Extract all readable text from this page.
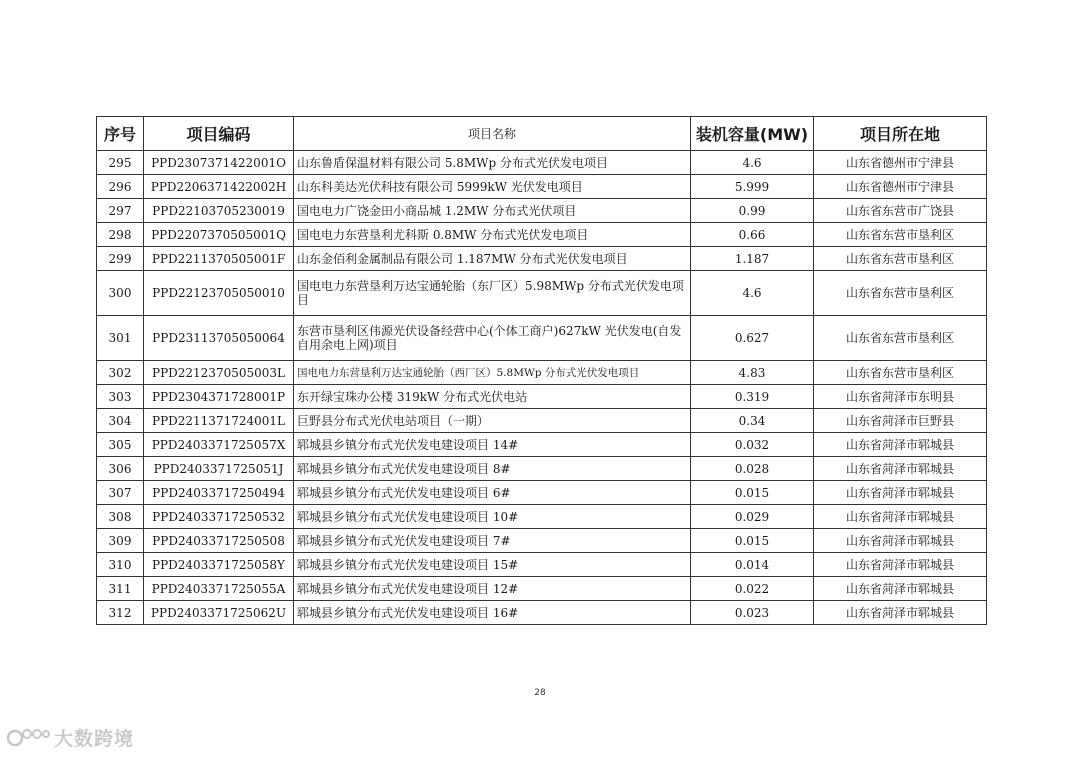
序号	项目编码	项目名称	装机容量(MW)	项目所在地
295	PPD2307371422001O	山东鲁盾保温材料有限公司 5.8MWp 分布式光伏发电项目	4.6	山东省德州市宁津县
296	PPD2206371422002H	山东科美达光伏科技有限公司 5999kW 光伏发电项目	5.999	山东省德州市宁津县
297	PPD22103705230019	国电电力广饶金田小商品城 1.2MW 分布式光伏项目	0.99	山东省东营市广饶县
298	PPD2207370505001Q	国电电力东营垦利尤科斯 0.8MW 分布式光伏发电项目	0.66	山东省东营市垦利区
299	PPD2211370505001F	山东金佰利金属制品有限公司 1.187MW 分布式光伏发电项目	1.187	山东省东营市垦利区
300	PPD22123705050010	国电电力东营垦利万达宝通轮胎（东厂区）5.98MWp 分布式光伏发电项目	4.6	山东省东营市垦利区
301	PPD23113705050064	东营市垦利区伟源光伏设备经营中心(个体工商户)627kW 光伏发电(自发自用余电上网)项目	0.627	山东省东营市垦利区
302	PPD2212370505003L	国电电力东营垦利万达宝通轮胎（西厂区）5.8MWp 分布式光伏发电项目	4.83	山东省东营市垦利区
303	PPD2304371728001P	东开绿宝珠办公楼 319kW 分布式光伏电站	0.319	山东省菏泽市东明县
304	PPD2211371724001L	巨野县分布式光伏电站项目（一期）	0.34	山东省菏泽市巨野县
305	PPD2403371725057X	郓城县乡镇分布式光伏发电建设项目 14#	0.032	山东省菏泽市郓城县
306	PPD2403371725051J	郓城县乡镇分布式光伏发电建设项目 8#	0.028	山东省菏泽市郓城县
307	PPD24033717250494	郓城县乡镇分布式光伏发电建设项目 6#	0.015	山东省菏泽市郓城县
308	PPD24033717250532	郓城县乡镇分布式光伏发电建设项目 10#	0.029	山东省菏泽市郓城县
309	PPD24033717250508	郓城县乡镇分布式光伏发电建设项目 7#	0.015	山东省菏泽市郓城县
310	PPD2403371725058Y	郓城县乡镇分布式光伏发电建设项目 15#	0.014	山东省菏泽市郓城县
311	PPD2403371725055A	郓城县乡镇分布式光伏发电建设项目 12#	0.022	山东省菏泽市郓城县
312	PPD2403371725062U	郓城县乡镇分布式光伏发电建设项目 16#	0.023	山东省菏泽市郓城县
28
大数跨境
